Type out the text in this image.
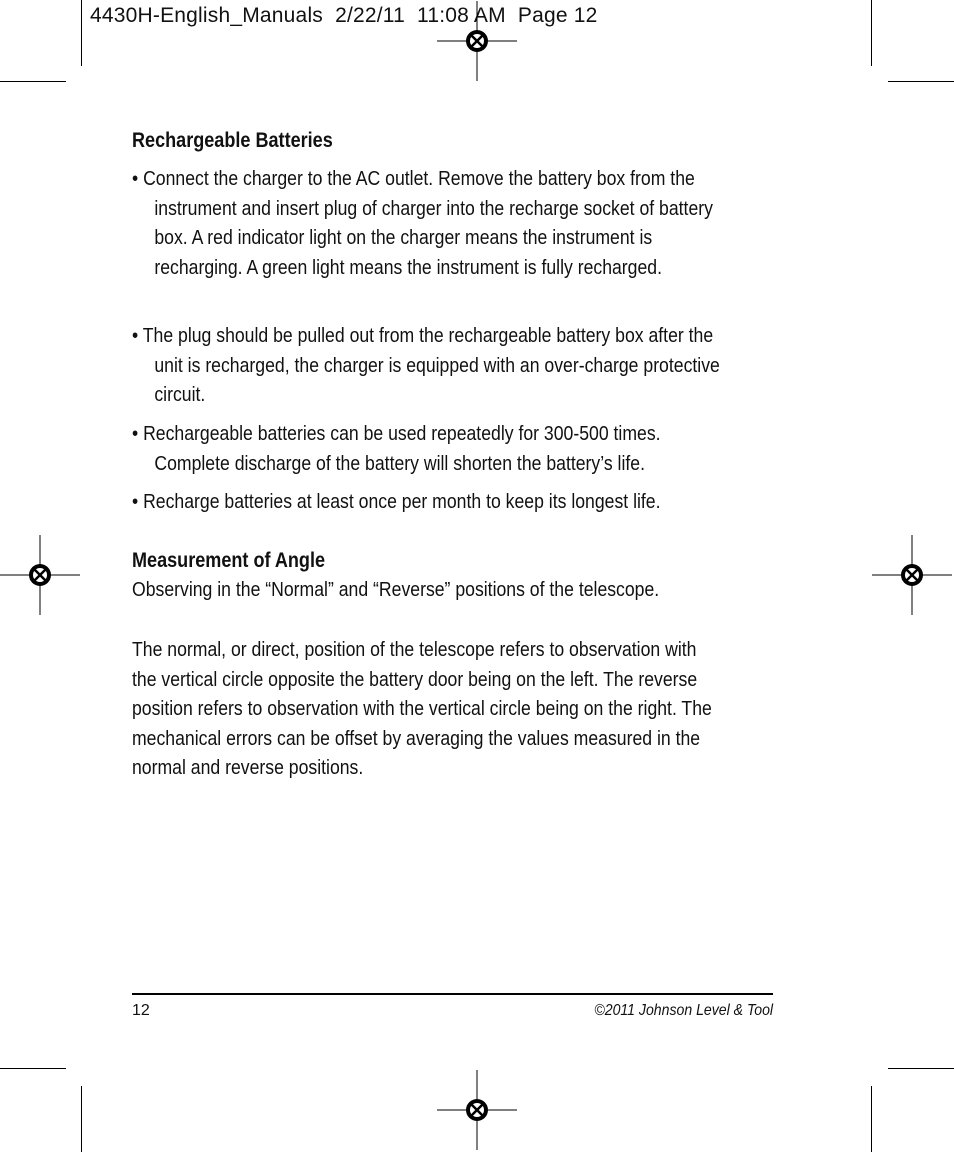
4430H-English_Manuals  2/22/11  11:08 AM  Page 12
Rechargeable Batteries
• Connect the charger to the AC outlet. Remove the battery box from the instrument and insert plug of charger into the recharge socket of battery box. A red indicator light on the charger means the instrument is recharging. A green light means the instrument is fully recharged.
• The plug should be pulled out from the rechargeable battery box after the unit is recharged, the charger is equipped with an over-charge protective circuit.
• Rechargeable batteries can be used repeatedly for 300-500 times. Complete discharge of the battery will shorten the battery’s life.
• Recharge batteries at least once per month to keep its longest life.
Measurement of Angle
Observing in the “Normal” and “Reverse” positions of the telescope.
The normal, or direct, position of the telescope refers to observation with the vertical circle opposite the battery door being on the left. The reverse position refers to observation with the vertical circle being on the right. The mechanical errors can be offset by averaging the values measured in the normal and reverse positions.
12	©2011 Johnson Level & Tool
